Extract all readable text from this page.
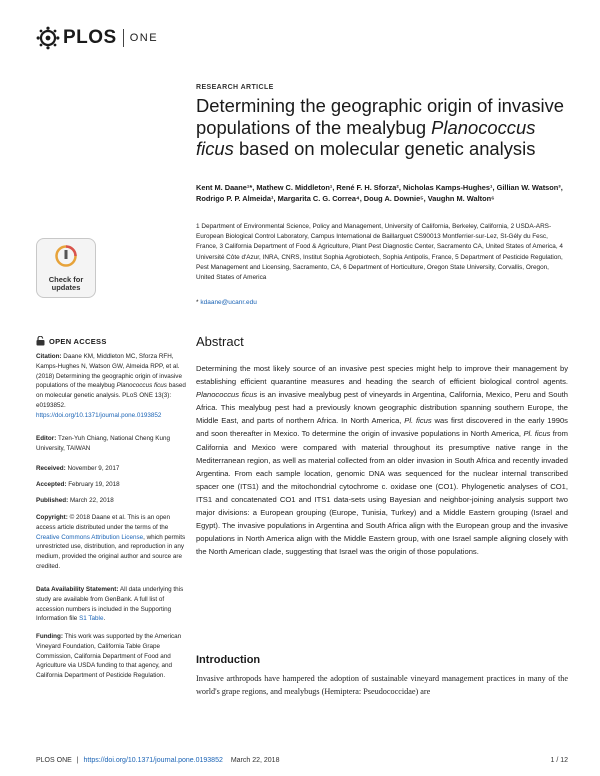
PLOS ONE
Check for updates
OPEN ACCESS
Citation: Daane KM, Middleton MC, Sforza RFH, Kamps-Hughes N, Watson GW, Almeida RPP, et al. (2018) Determining the geographic origin of invasive populations of the mealybug Planococcus ficus based on molecular genetic analysis. PLoS ONE 13(3): e0193852. https://doi.org/10.1371/journal.pone.0193852
Editor: Tzen-Yuh Chiang, National Cheng Kung University, TAIWAN
Received: November 9, 2017
Accepted: February 19, 2018
Published: March 22, 2018
Copyright: © 2018 Daane et al. This is an open access article distributed under the terms of the Creative Commons Attribution License, which permits unrestricted use, distribution, and reproduction in any medium, provided the original author and source are credited.
Data Availability Statement: All data underlying this study are available from GenBank. A full list of accession numbers is included in the Supporting Information file S1 Table.
Funding: This work was supported by the American Vineyard Foundation, California Table Grape Commission, California Department of Food and Agriculture via USDA funding to that agency, and California Department of Pesticide Regulation.
RESEARCH ARTICLE
Determining the geographic origin of invasive populations of the mealybug Planococcus ficus based on molecular genetic analysis
Kent M. Daane¹*, Mathew C. Middleton¹, René F. H. Sforza², Nicholas Kamps-Hughes¹, Gillian W. Watson³, Rodrigo P. P. Almeida¹, Margarita C. G. Correa⁴, Doug A. Downie⁵, Vaughn M. Walton⁶
1 Department of Environmental Science, Policy and Management, University of California, Berkeley, California, 2 USDA-ARS- European Biological Control Laboratory, Campus International de Baillarguet CS90013 Montferrier-sur-Lez, St-Gély du Fesc, France, 3 California Department of Food & Agriculture, Plant Pest Diagnostic Center, Sacramento CA, United States of America, 4 Université Côte d'Azur, INRA, CNRS, Institut Sophia Agrobiotech, Sophia Antipolis, France, 5 Department of Pesticide Regulation, Pest Management and Licensing, Sacramento, CA, 6 Department of Horticulture, Oregon State University, Corvallis, Oregon, United States of America
* kdaane@ucanr.edu
Abstract
Determining the most likely source of an invasive pest species might help to improve their management by establishing efficient quarantine measures and heading the search of efficient biological control agents. Planococcus ficus is an invasive mealybug pest of vineyards in Argentina, California, Mexico, Peru and South Africa. This mealybug pest had a previously known geographic distribution spanning southern Europe, the Middle East, and parts of northern Africa. In North America, Pl. ficus was first discovered in the early 1990s and soon thereafter in Mexico. To determine the origin of invasive populations in North America, Pl. ficus from California and Mexico were compared with material throughout its presumptive native range in the Mediterranean region, as well as material collected from an older invasion in South Africa and recently invaded Argentina. From each sample location, genomic DNA was sequenced for the nuclear internal transcribed spacer one (ITS1) and the mitochondrial cytochrome c. oxidase one (CO1). Phylogenetic analyses of CO1, ITS1 and concatenated CO1 and ITS1 data-sets using Bayesian and neighbor-joining analysis support two major divisions: a European grouping (Europe, Tunisia, Turkey) and a Middle Eastern grouping (Israel and Egypt). The invasive populations in Argentina and South Africa align with the European group and the invasive populations in North America align with the Middle Eastern group, with one Israel sample aligning closely with the North American clade, suggesting that Israel was the origin of those populations.
Introduction
Invasive arthropods have hampered the adoption of sustainable vineyard management practices in many of the world's grape regions, and mealybugs (Hemiptera: Pseudococcidae) are
PLOS ONE | https://doi.org/10.1371/journal.pone.0193852 March 22, 2018	1 / 12
